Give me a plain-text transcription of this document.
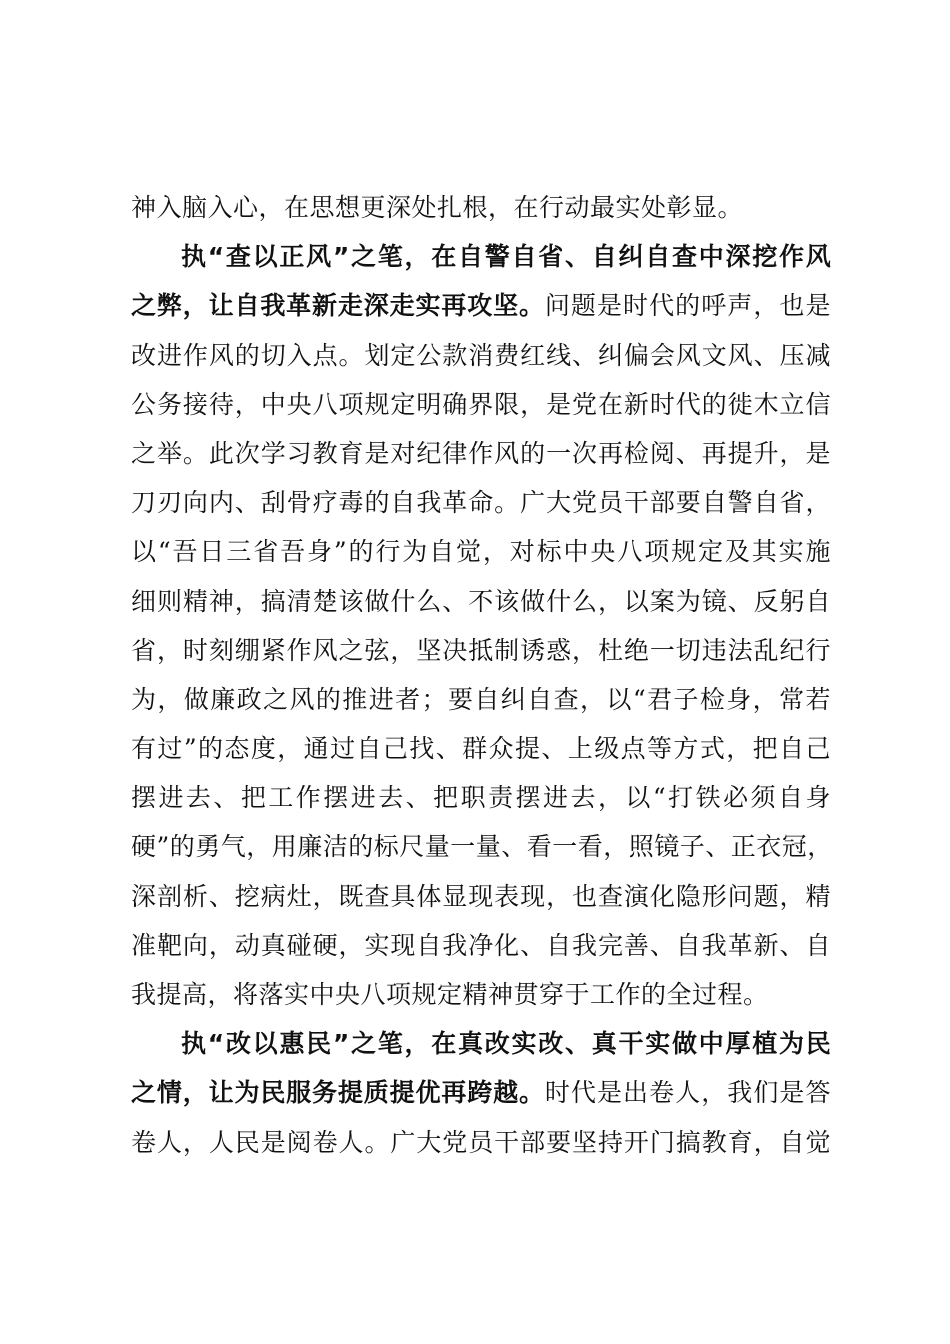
神入脑入心，在思想更深处扎根，在行动最实处彰显。
执“查以正风”之笔，在自警自省、自纠自查中深挖作风
之弊，让自我革新走深走实再攻坚。问题是时代的呼声，也是
改进作风的切入点。划定公款消费红线、纠偏会风文风、压减
公务接待，中央八项规定明确界限，是党在新时代的徙木立信
之举。此次学习教育是对纪律作风的一次再检阅、再提升，是
刀刃向内、刮骨疗毒的自我革命。广大党员干部要自警自省，
以“吾日三省吾身”的行为自觉，对标中央八项规定及其实施
细则精神，搞清楚该做什么、不该做什么，以案为镜、反躬自
省，时刻绷紧作风之弦，坚决抵制诱惑，杜绝一切违法乱纪行
为，做廉政之风的推进者；要自纠自查，以“君子检身，常若
有过”的态度，通过自己找、群众提、上级点等方式，把自己
摆进去、把工作摆进去、把职责摆进去，以“打铁必须自身
硬”的勇气，用廉洁的标尺量一量、看一看，照镜子、正衣冠，
深剖析、挖病灶，既查具体显现表现，也查演化隐形问题，精
准靶向，动真碰硬，实现自我净化、自我完善、自我革新、自
我提高，将落实中央八项规定精神贯穿于工作的全过程。
执“改以惠民”之笔，在真改实改、真干实做中厚植为民
之情，让为民服务提质提优再跨越。时代是出卷人，我们是答
卷人，人民是阅卷人。广大党员干部要坚持开门搞教育，自觉
